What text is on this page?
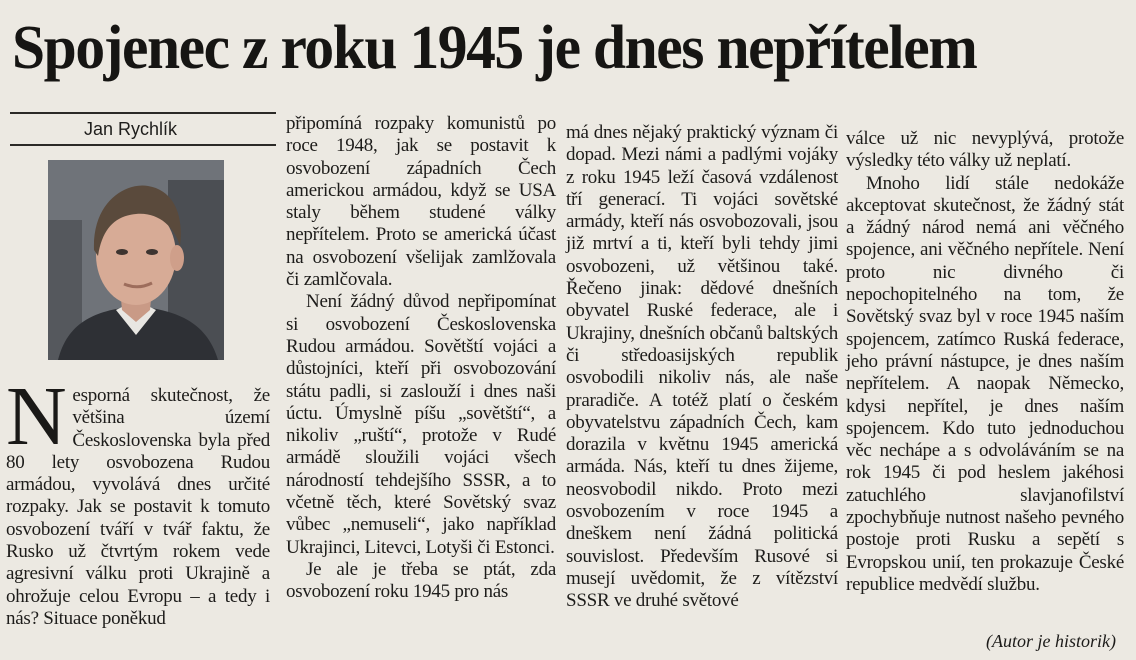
Spojenec z roku 1945 je dnes nepřítelem
Jan Rychlík

Nesporná skutečnost, že většina území Československa byla před 80 lety osvobozena Rudou armádou, vyvolává dnes určité rozpaky. Jak se postavit k tomuto osvobození tváří v tvář faktu, že Rusko už čtvrtým rokem vede agresivní válku proti Ukrajině a ohrožuje celou Evropu – a tedy i nás? Situace poněkud

připomíná rozpaky komunistů po roce 1948, jak se postavit k osvobození západních Čech americkou armádou, když se USA staly během studené války nepřítelem. Proto se americká účast na osvobození všelijak zamlžovala či zamlčovala.

Není žádný důvod nepřipomínat si osvobození Československa Rudou armádou. Sovětští vojáci a důstojníci, kteří při osvobozování státu padli, si zaslouží i dnes naši úctu. Úmyslně píšu „sovětští“, a nikoliv „ruští“, protože v Rudé armádě sloužili vojáci všech národností tehdejšího SSSR, a to včetně těch, které Sovětský svaz vůbec „nemuseli“, jako například Ukrajinci, Litevci, Lotyši či Estonci.

Je ale je třeba se ptát, zda osvobození roku 1945 pro nás

má dnes nějaký praktický význam či dopad. Mezi námi a padlými vojáky z roku 1945 leží časová vzdálenost tří generací. Ti vojáci sovětské armády, kteří nás osvobozovali, jsou již mrtví a ti, kteří byli tehdy jimi osvobozeni, už většinou také. Řečeno jinak: dědové dnešních obyvatel Ruské federace, ale i Ukrajiny, dnešních občanů baltských či středoasijských republik osvobodili nikoliv nás, ale naše praradiče. A totéž platí o českém obyvatelstvu západních Čech, kam dorazila v květnu 1945 americká armáda. Nás, kteří tu dnes žijeme, neosvobodil nikdo. Proto mezi osvobozením v roce 1945 a dneškem není žádná politická souvislost. Především Rusové si musejí uvědomit, že z vítězství SSSR ve druhé světové

válce už nic nevyplývá, protože výsledky této války už neplatí.

Mnoho lidí stále nedokáže akceptovat skutečnost, že žádný stát a žádný národ nemá ani věčného spojence, ani věčného nepřítele. Není proto nic divného či nepochopitelného na tom, že Sovětský svaz byl v roce 1945 naším spojencem, zatímco Ruská federace, jeho právní nástupce, je dnes naším nepřítelem. A naopak Německo, kdysi nepřítel, je dnes naším spojencem. Kdo tuto jednoduchou věc nechápe a s odvoláváním se na rok 1945 či pod heslem jakéhosi zatuchlého slavjanofilství zpochybňuje nutnost našeho pevného postoje proti Rusku a sepětí s Evropskou unií, ten prokazuje České republice medvědí službu.

(Autor je historik)
